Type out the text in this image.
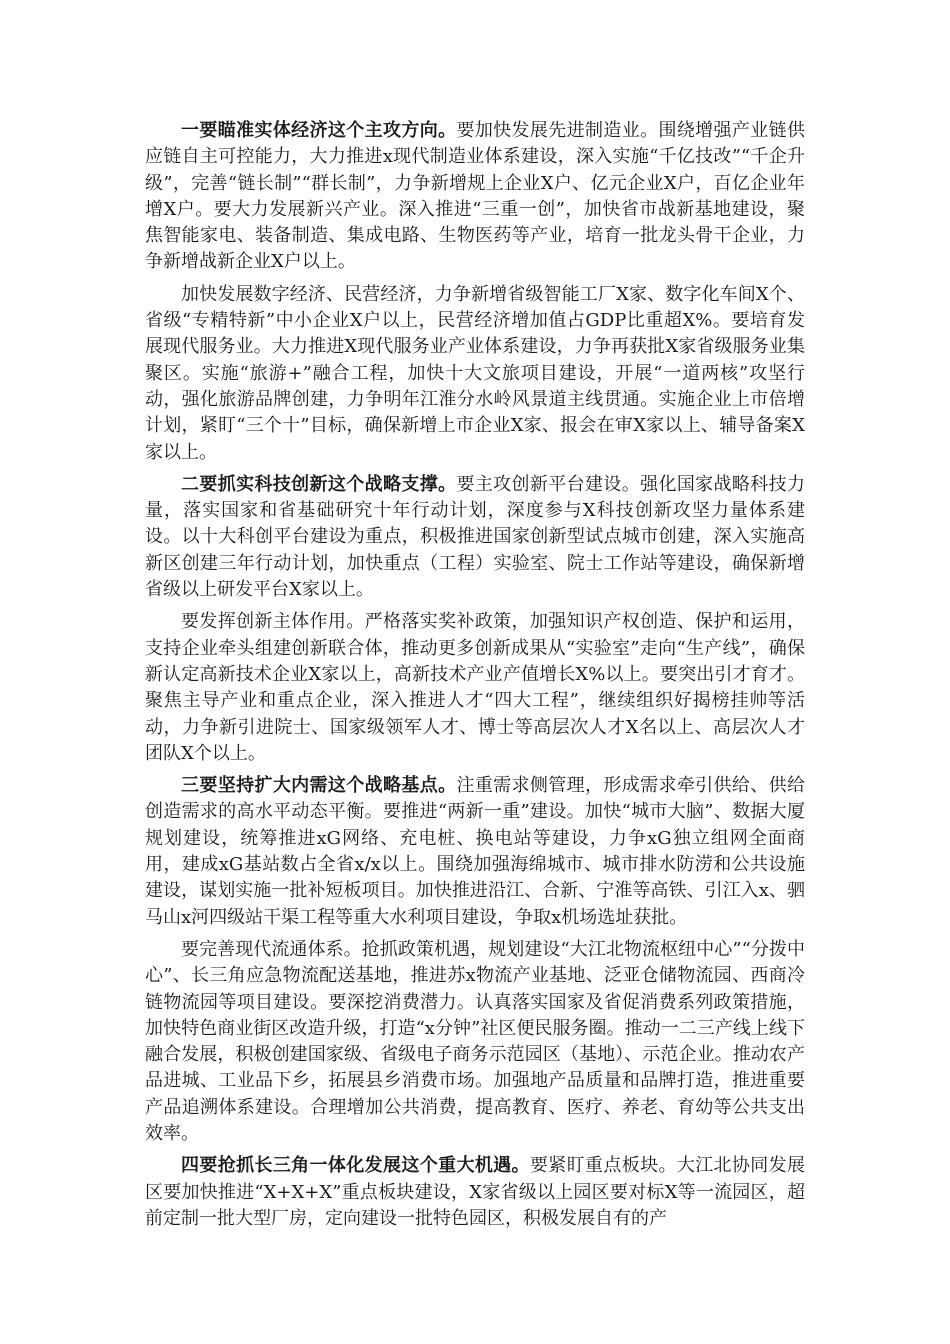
一要瞄准实体经济这个主攻方向。要加快发展先进制造业。围绕增强产业链供应链自主可控能力，大力推进x现代制造业体系建设，深入实施“千亿技改”“千企升级”，完善“链长制”“群长制”，力争新增规上企业X户、亿元企业X户，百亿企业年增X户。要大力发展新兴产业。深入推进“三重一创”，加快省市战新基地建设，聚焦智能家电、装备制造、集成电路、生物医药等产业，培育一批龙头骨干企业，力争新增战新企业X户以上。

加快发展数字经济、民营经济，力争新增省级智能工厂X家、数字化车间X个、省级“专精特新”中小企业X户以上，民营经济增加值占GDP比重超X%。要培育发展现代服务业。大力推进X现代服务业产业体系建设，力争再获批X家省级服务业集聚区。实施“旅游+”融合工程，加快十大文旅项目建设，开展“一道两核”攻坚行动，强化旅游品牌创建，力争明年江淮分水岭风景道主线贯通。实施企业上市倍增计划，紧盯“三个十”目标，确保新增上市企业X家、报会在审X家以上、辅导备案X家以上。

二要抓实科技创新这个战略支撑。要主攻创新平台建设。强化国家战略科技力量，落实国家和省基础研究十年行动计划，深度参与X科技创新攻坚力量体系建设。以十大科创平台建设为重点，积极推进国家创新型试点城市创建，深入实施高新区创建三年行动计划，加快重点（工程）实验室、院士工作站等建设，确保新增省级以上研发平台X家以上。

要发挥创新主体作用。严格落实奖补政策，加强知识产权创造、保护和运用，支持企业牵头组建创新联合体，推动更多创新成果从“实验室”走向“生产线”，确保新认定高新技术企业X家以上，高新技术产业产值增长X%以上。要突出引才育才。聚焦主导产业和重点企业，深入推进人才“四大工程”，继续组织好揭榜挂帅等活动，力争新引进院士、国家级领军人才、博士等高层次人才X名以上、高层次人才团队X个以上。

三要坚持扩大内需这个战略基点。注重需求侧管理，形成需求牵引供给、供给创造需求的高水平动态平衡。要推进“两新一重”建设。加快“城市大脑”、数据大厦规划建设，统筹推进xG网络、充电桩、换电站等建设，力争xG独立组网全面商用，建成xG基站数占全省x/x以上。围绕加强海绵城市、城市排水防涝和公共设施建设，谋划实施一批补短板项目。加快推进沿江、合新、宁淮等高铁、引江入x、驷马山x河四级站干渠工程等重大水利项目建设，争取x机场选址获批。

要完善现代流通体系。抢抓政策机遇，规划建设“大江北物流枢纽中心”“分拨中心”、长三角应急物流配送基地，推进苏x物流产业基地、泛亚仓储物流园、西商冷链物流园等项目建设。要深挖消费潜力。认真落实国家及省促消费系列政策措施，加快特色商业街区改造升级，打造“x分钟”社区便民服务圈。推动一二三产线上线下融合发展，积极创建国家级、省级电子商务示范园区（基地）、示范企业。推动农产品进城、工业品下乡，拓展县乡消费市场。加强地产品质量和品牌打造，推进重要产品追溯体系建设。合理增加公共消费，提高教育、医疗、养老、育幼等公共支出效率。

四要抢抓长三角一体化发展这个重大机遇。要紧盯重点板块。大江北协同发展区要加快推进“X+X+X”重点板块建设，X家省级以上园区要对标X等一流园区，超前定制一批大型厂房，定向建设一批特色园区，积极发展自有的产
